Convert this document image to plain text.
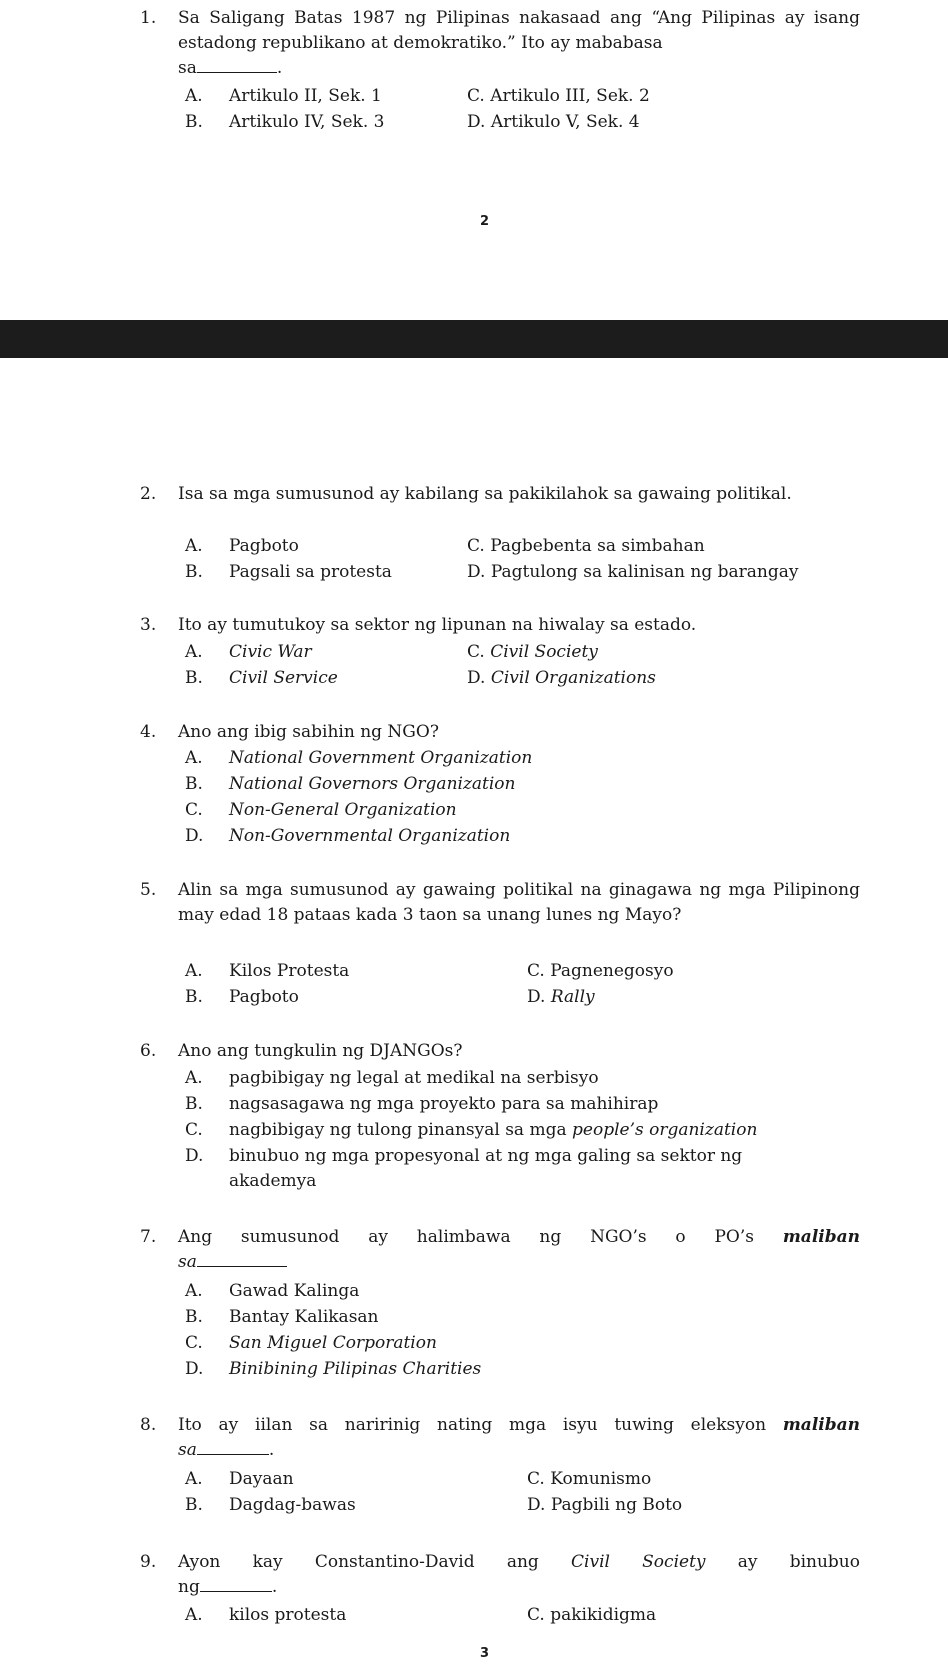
1. Sa Saligang Batas 1987 ng Pilipinas nakasaad ang “Ang Pilipinas ay isang estadong republikano at demokratiko.” Ito ay mababasa
sa	.
A. Artikulo II, Sek. 1	C. Artikulo III, Sek. 2
B. Artikulo IV, Sek. 3	D. Artikulo V, Sek. 4
2
2. Isa sa mga sumusunod ay kabilang sa pakikilahok sa gawaing politikal.
A. Pagboto	C. Pagbebenta sa simbahan
B. Pagsali sa protesta	D. Pagtulong sa kalinisan ng barangay
3. Ito ay tumutukoy sa sektor ng lipunan na hiwalay sa estado.
A. Civic War	C. Civil Society
B. Civil Service	D. Civil Organizations
4. Ano ang ibig sabihin ng NGO?
A. National Government Organization
B. National Governors Organization
C. Non-General Organization
D. Non-Governmental Organization
5. Alin sa mga sumusunod ay gawaing politikal na ginagawa ng mga Pilipinong may edad 18 pataas kada 3 taon sa unang lunes ng Mayo?
A. Kilos Protesta	C. Pagnenegosyo
B. Pagboto	D. Rally
6. Ano ang tungkulin ng DJANGOs?
A. pagbibigay ng legal at medikal na serbisyo
B. nagsasagawa ng mga proyekto para sa mahihirap
C. nagbibigay ng tulong pinansyal sa mga people’s organization
D.	binubuo ng mga propesyonal at ng mga galing sa sektor ng akademya
7. Ang sumusunod ay halimbawa ng NGO’s o PO’s maliban
sa
A. Gawad Kalinga
B. Bantay Kalikasan
C. San Miguel Corporation
D. Binibining Pilipinas Charities
8. Ito ay iilan sa naririnig nating mga isyu tuwing eleksyon maliban
sa	.
A. Dayaan	C. Komunismo
B. Dagdag-bawas	D. Pagbili ng Boto
9. Ayon kay Constantino-David ang Civil Society ay binubuo
ng	.
A. kilos protesta	C. pakikidigma
3
